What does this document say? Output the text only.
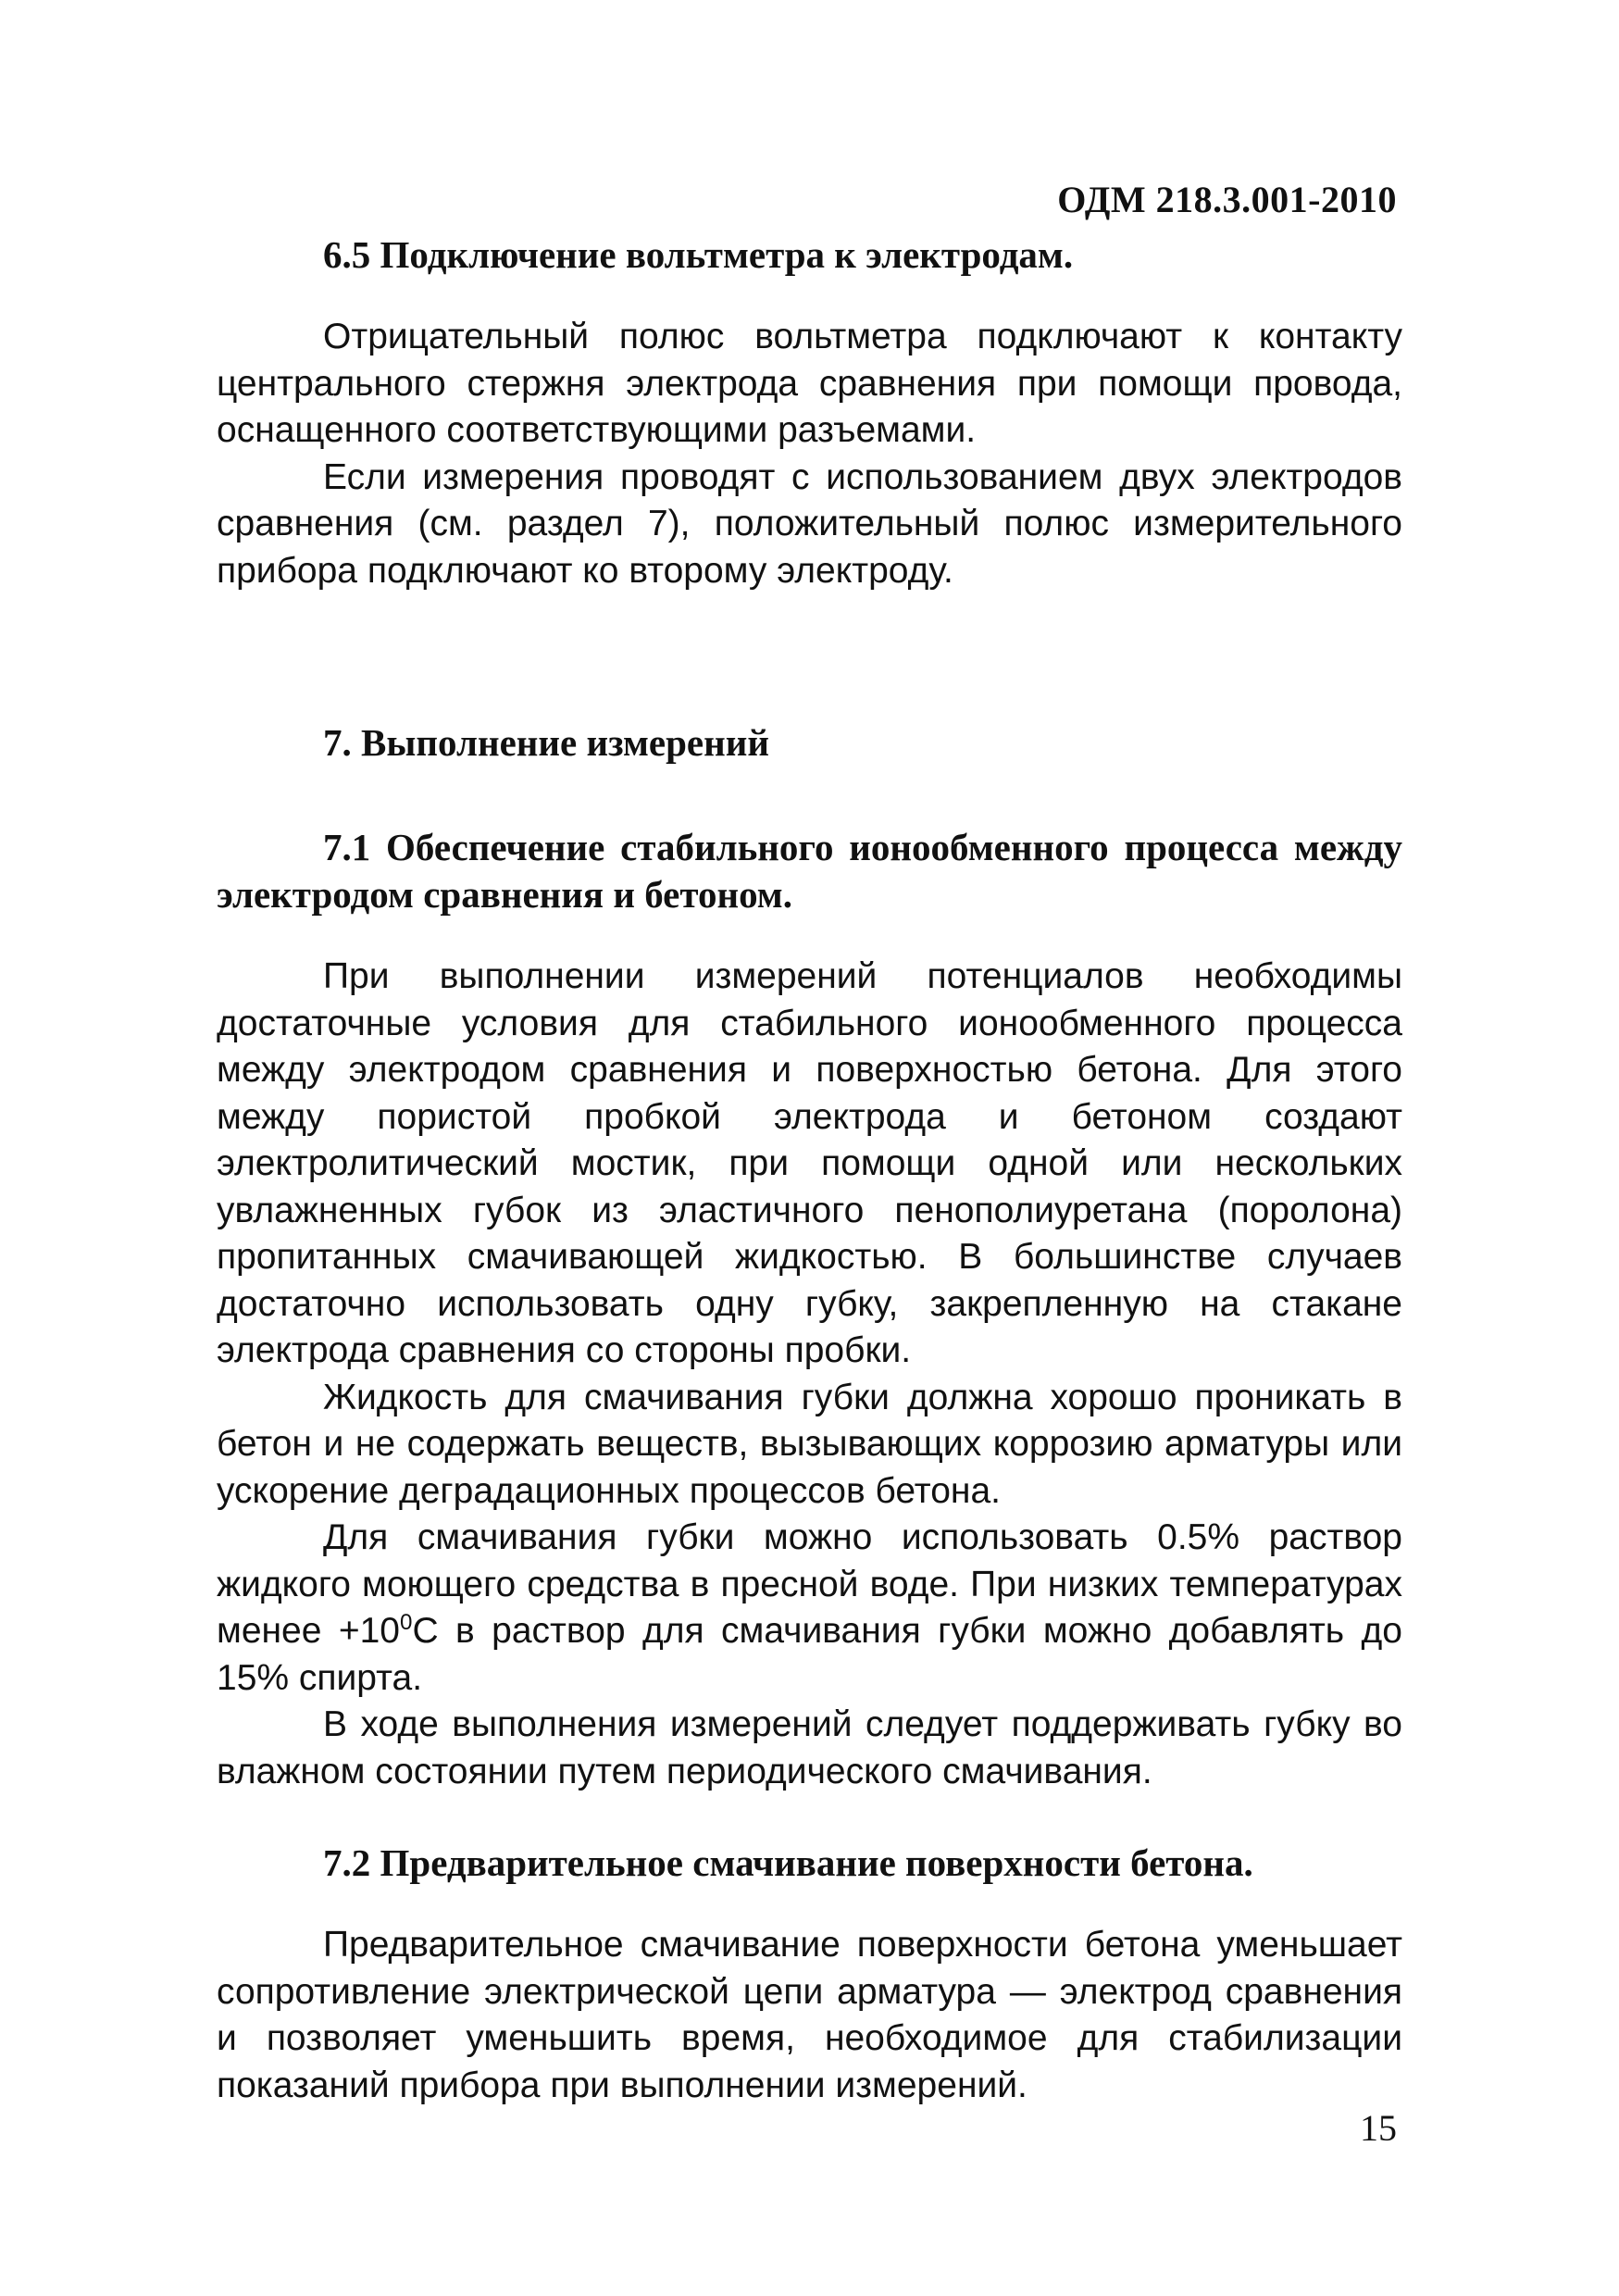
ОДМ 218.3.001-2010

6.5 Подключение вольтметра к электродам.

Отрицательный полюс вольтметра подключают к контакту центрального стержня электрода сравнения при помощи провода, оснащенного соответствующими разъемами.

Если измерения проводят с использованием двух электродов сравнения (см. раздел 7), положительный полюс измерительного прибора подключают ко второму электроду.

7. Выполнение измерений

7.1 Обеспечение стабильного ионообменного процесса между электродом сравнения и бетоном.

При выполнении измерений потенциалов необходимы достаточные условия для стабильного ионообменного процесса между электродом сравнения и поверхностью бетона. Для этого между пористой пробкой электрода и бетоном создают электролитический мостик, при помощи одной или нескольких увлажненных губок из эластичного пенополиуретана (поролона) пропитанных смачивающей жидкостью. В большинстве случаев достаточно использовать одну губку, закрепленную на стакане электрода сравнения со стороны пробки.

Жидкость для смачивания губки должна хорошо проникать в бетон и не содержать веществ, вызывающих коррозию арматуры или ускорение деградационных процессов бетона.

Для смачивания губки можно использовать 0.5% раствор жидкого моющего средства в пресной воде. При низких температурах менее $+10^0С$ в раствор для смачивания губки можно добавлять до 15% спирта.

В ходе выполнения измерений следует поддерживать губку во влажном состоянии путем периодического смачивания.

7.2 Предварительное смачивание поверхности бетона.

Предварительное смачивание поверхности бетона уменьшает сопротивление электрической цепи арматура — электрод сравнения и позволяет уменьшить время, необходимое для стабилизации показаний прибора при выполнении измерений.

15
